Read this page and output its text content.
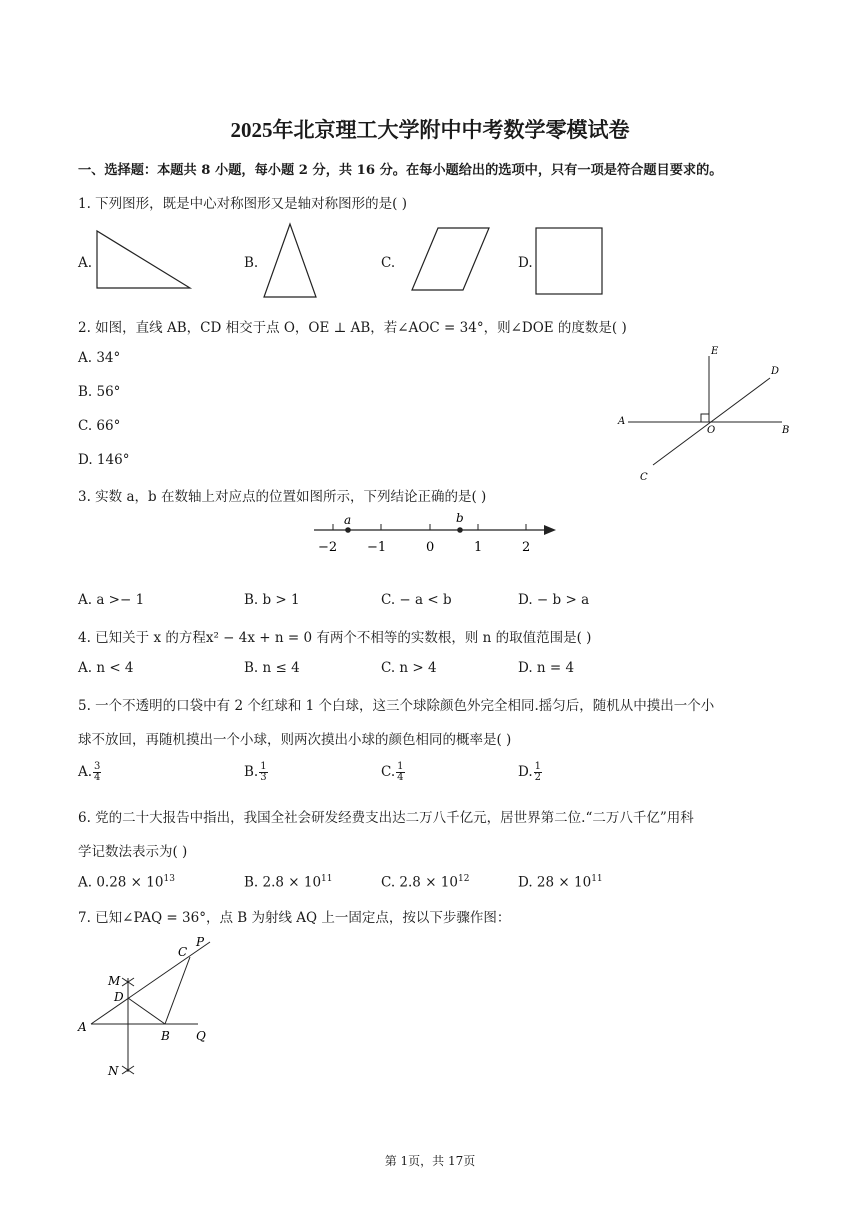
2025年北京理工大学附中中考数学零模试卷
一、选择题：本题共 8 小题，每小题 2 分，共 16 分。在每小题给出的选项中，只有一项是符合题目要求的。
1. 下列图形，既是中心对称图形又是轴对称图形的是( )
A.	B.	C.	D.
2. 如图，直线 AB，CD 相交于点 O，OE ⊥ AB，若∠AOC = 34°，则∠DOE 的度数是( )
A. 34°
B. 56°
C. 66°
D. 146°
E
D
A
O	B
C
3. 实数 a，b 在数轴上对应点的位置如图所示，下列结论正确的是( )
a	b
−2 −1	0	1	2
A. a >− 1	B. b > 1	C. − a < b	D. − b > a
4. 已知关于 x 的方程x² − 4x + n = 0 有两个不相等的实数根，则 n 的取值范围是( )
A. n < 4	B. n ≤ 4	C. n > 4	D. n = 4
5. 一个不透明的口袋中有 2 个红球和 1 个白球，这三个球除颜色外完全相同.摇匀后，随机从中摸出一个小
球不放回，再随机摸出一个小球，则两次摸出小球的颜色相同的概率是( )
A. $\frac{3}{4}$	B. $\frac{1}{3}$	C. $\frac{1}{4}$	D. $\frac{1}{2}$
6. 党的二十大报告中指出，我国全社会研发经费支出达二万八千亿元，居世界第二位.“二万八千亿”用科
学记数法表示为( )
A. $0.28 \times 10^{13}$	B. $2.8 \times 10^{11}$	C. $2.8 \times 10^{12}$	D. $28 \times 10^{11}$
7. 已知∠PAQ = 36°，点 B 为射线 AQ 上一固定点，按以下步骤作图：
M
D
C
P
A
B Q
N
第 1页，共 17页
